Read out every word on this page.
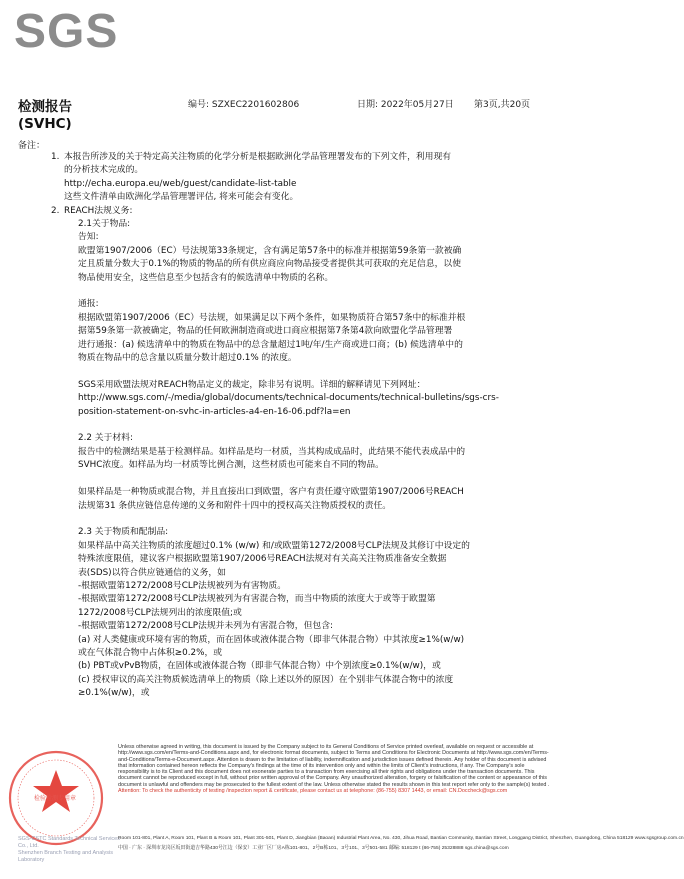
SGS
检测报告
(SVHC)
编号: SZXEC2201602806	日期: 2022年05月27日 第3页,共20页
备注：
1. 本报告所涉及的关于特定高关注物质的化学分析是根据欧洲化学品管理署发布的下列文件，利用现有
的分析技术完成的。
http://echa.europa.eu/web/guest/candidate-list-table
这些文件清单由欧洲化学品管理署评估, 将来可能会有变化。
2. REACH法规义务:
2.1关于物品:
告知:
欧盟第1907/2006（EC）号法规第33条规定，含有满足第57条中的标准并根据第59条第一款被确
定且质量分数大于0.1%的物质的物品的所有供应商应向物品接受者提供其可获取的充足信息，以使
物品使用安全，这些信息至少包括含有的候选清单中物质的名称。
通报:
根据欧盟第1907/2006（EC）号法规，如果满足以下两个条件，如果物质符合第57条中的标准并根
据第59条第一款被确定，物品的任何欧洲制造商或进口商应根据第7条第4款向欧盟化学品管理署
进行通报：(a) 候选清单中的物质在物品中的总含量超过1吨/年/生产商或进口商；(b) 候选清单中的
物质在物品中的总含量以质量分数计超过0.1% 的浓度。
SGS采用欧盟法规对REACH物品定义的裁定，除非另有说明。详细的解释请见下列网址：
http://www.sgs.com/-/media/global/documents/technical-documents/technical-bulletins/sgs-crs-
position-statement-on-svhc-in-articles-a4-en-16-06.pdf?la=en
2.2 关于材料:
报告中的检测结果是基于检测样品。如样品是均一材质，当其构成成品时，此结果不能代表成品中的
SVHC浓度。如样品为均一材质等比例合测，这些材质也可能来自不同的物品。
如果样品是一种物质或混合物，并且直接出口到欧盟，客户有责任遵守欧盟第1907/2006号REACH
法规第31 条供应链信息传递的义务和附件十四中的授权高关注物质授权的责任。
2.3 关于物质和配制品:
如果样品中高关注物质的浓度超过0.1% (w/w) 和/或欧盟第1272/2008号CLP法规及其修订中设定的
特殊浓度限值，建议客户根据欧盟第1907/2006号REACH法规对有关高关注物质准备安全数据
表(SDS)以符合供应链通信的义务，如
-根据欧盟第1272/2008号CLP法规被列为有害物质。
-根据欧盟第1272/2008号CLP法规被列为有害混合物，而当中物质的浓度大于或等于欧盟第
1272/2008号CLP法规列出的浓度限值;或
-根据欧盟第1272/2008号CLP法规并未列为有害混合物，但包含:
(a) 对人类健康或环境有害的物质，而在固体或液体混合物（即非气体混合物）中其浓度≥1%(w/w)
或在气体混合物中占体积≥0.2%，或
(b) PBT或vPvB物质，在固体或液体混合物（即非气体混合物）中个别浓度≥0.1%(w/w)，或
(c) 授权审议的高关注物质候选清单上的物质（除上述以外的原因）在个别非气体混合物中的浓度
≥0.1%(w/w)，或
检验检测专用章
Unless otherwise agreed in writing, this document is issued by the Company subject to its General Conditions of Service printed overleaf, available on request or accessible at http://www.sgs.com/en/Terms-and-Conditions.aspx and, for electronic format documents, subject to Terms and Conditions for Electronic Documents at http://www.sgs.com/en/Terms-and-Conditions/Terms-e-Document.aspx. Attention is drawn to the limitation of liability, indemnification and jurisdiction issues defined therein. Any holder of this document is advised that information contained hereon reflects the Company's findings at the time of its intervention only and within the limits of Client's instructions, if any. The Company's sole responsibility is to its Client and this document does not exonerate parties to a transaction from exercising all their rights and obligations under the transaction documents. This document cannot be reproduced except in full, without prior written approval of the Company. Any unauthorized alteration, forgery or falsification of the content or appearance of this document is unlawful and offenders may be prosecuted to the fullest extent of the law. Unless otherwise stated the results shown in this test report refer only to the sample(s) tested .
Attention: To check the authenticity of testing /inspection report & certificate, please contact us at telephone: (86-755) 8307 1443, or email: CN.Doccheck@sgs.com
SGS-CSTC Standards Technical Services Co., Ltd.
Shenzhen Branch Testing and Analysis Laboratory
Room 101-801, Plant A, Room 101, Plant B & Room 101, Plant 301-501, Plant D, Jiangbian (Baoan) Industrial Plant Area, No. 430, Jihua Road, Bantian Community, Bantian Street, Longgang District, Shenzhen, Guangdong, China 518129 www.sgsgroup.com.cn
中国 · 广东 · 深圳市龙岗区坂田街道吉华路430号江边（保安）工业厂区厂房A栋101-801、2号B栋101、3号101、3号501-581 邮编: 518129 t (86-755) 25328888 sgs.china@sgs.com
